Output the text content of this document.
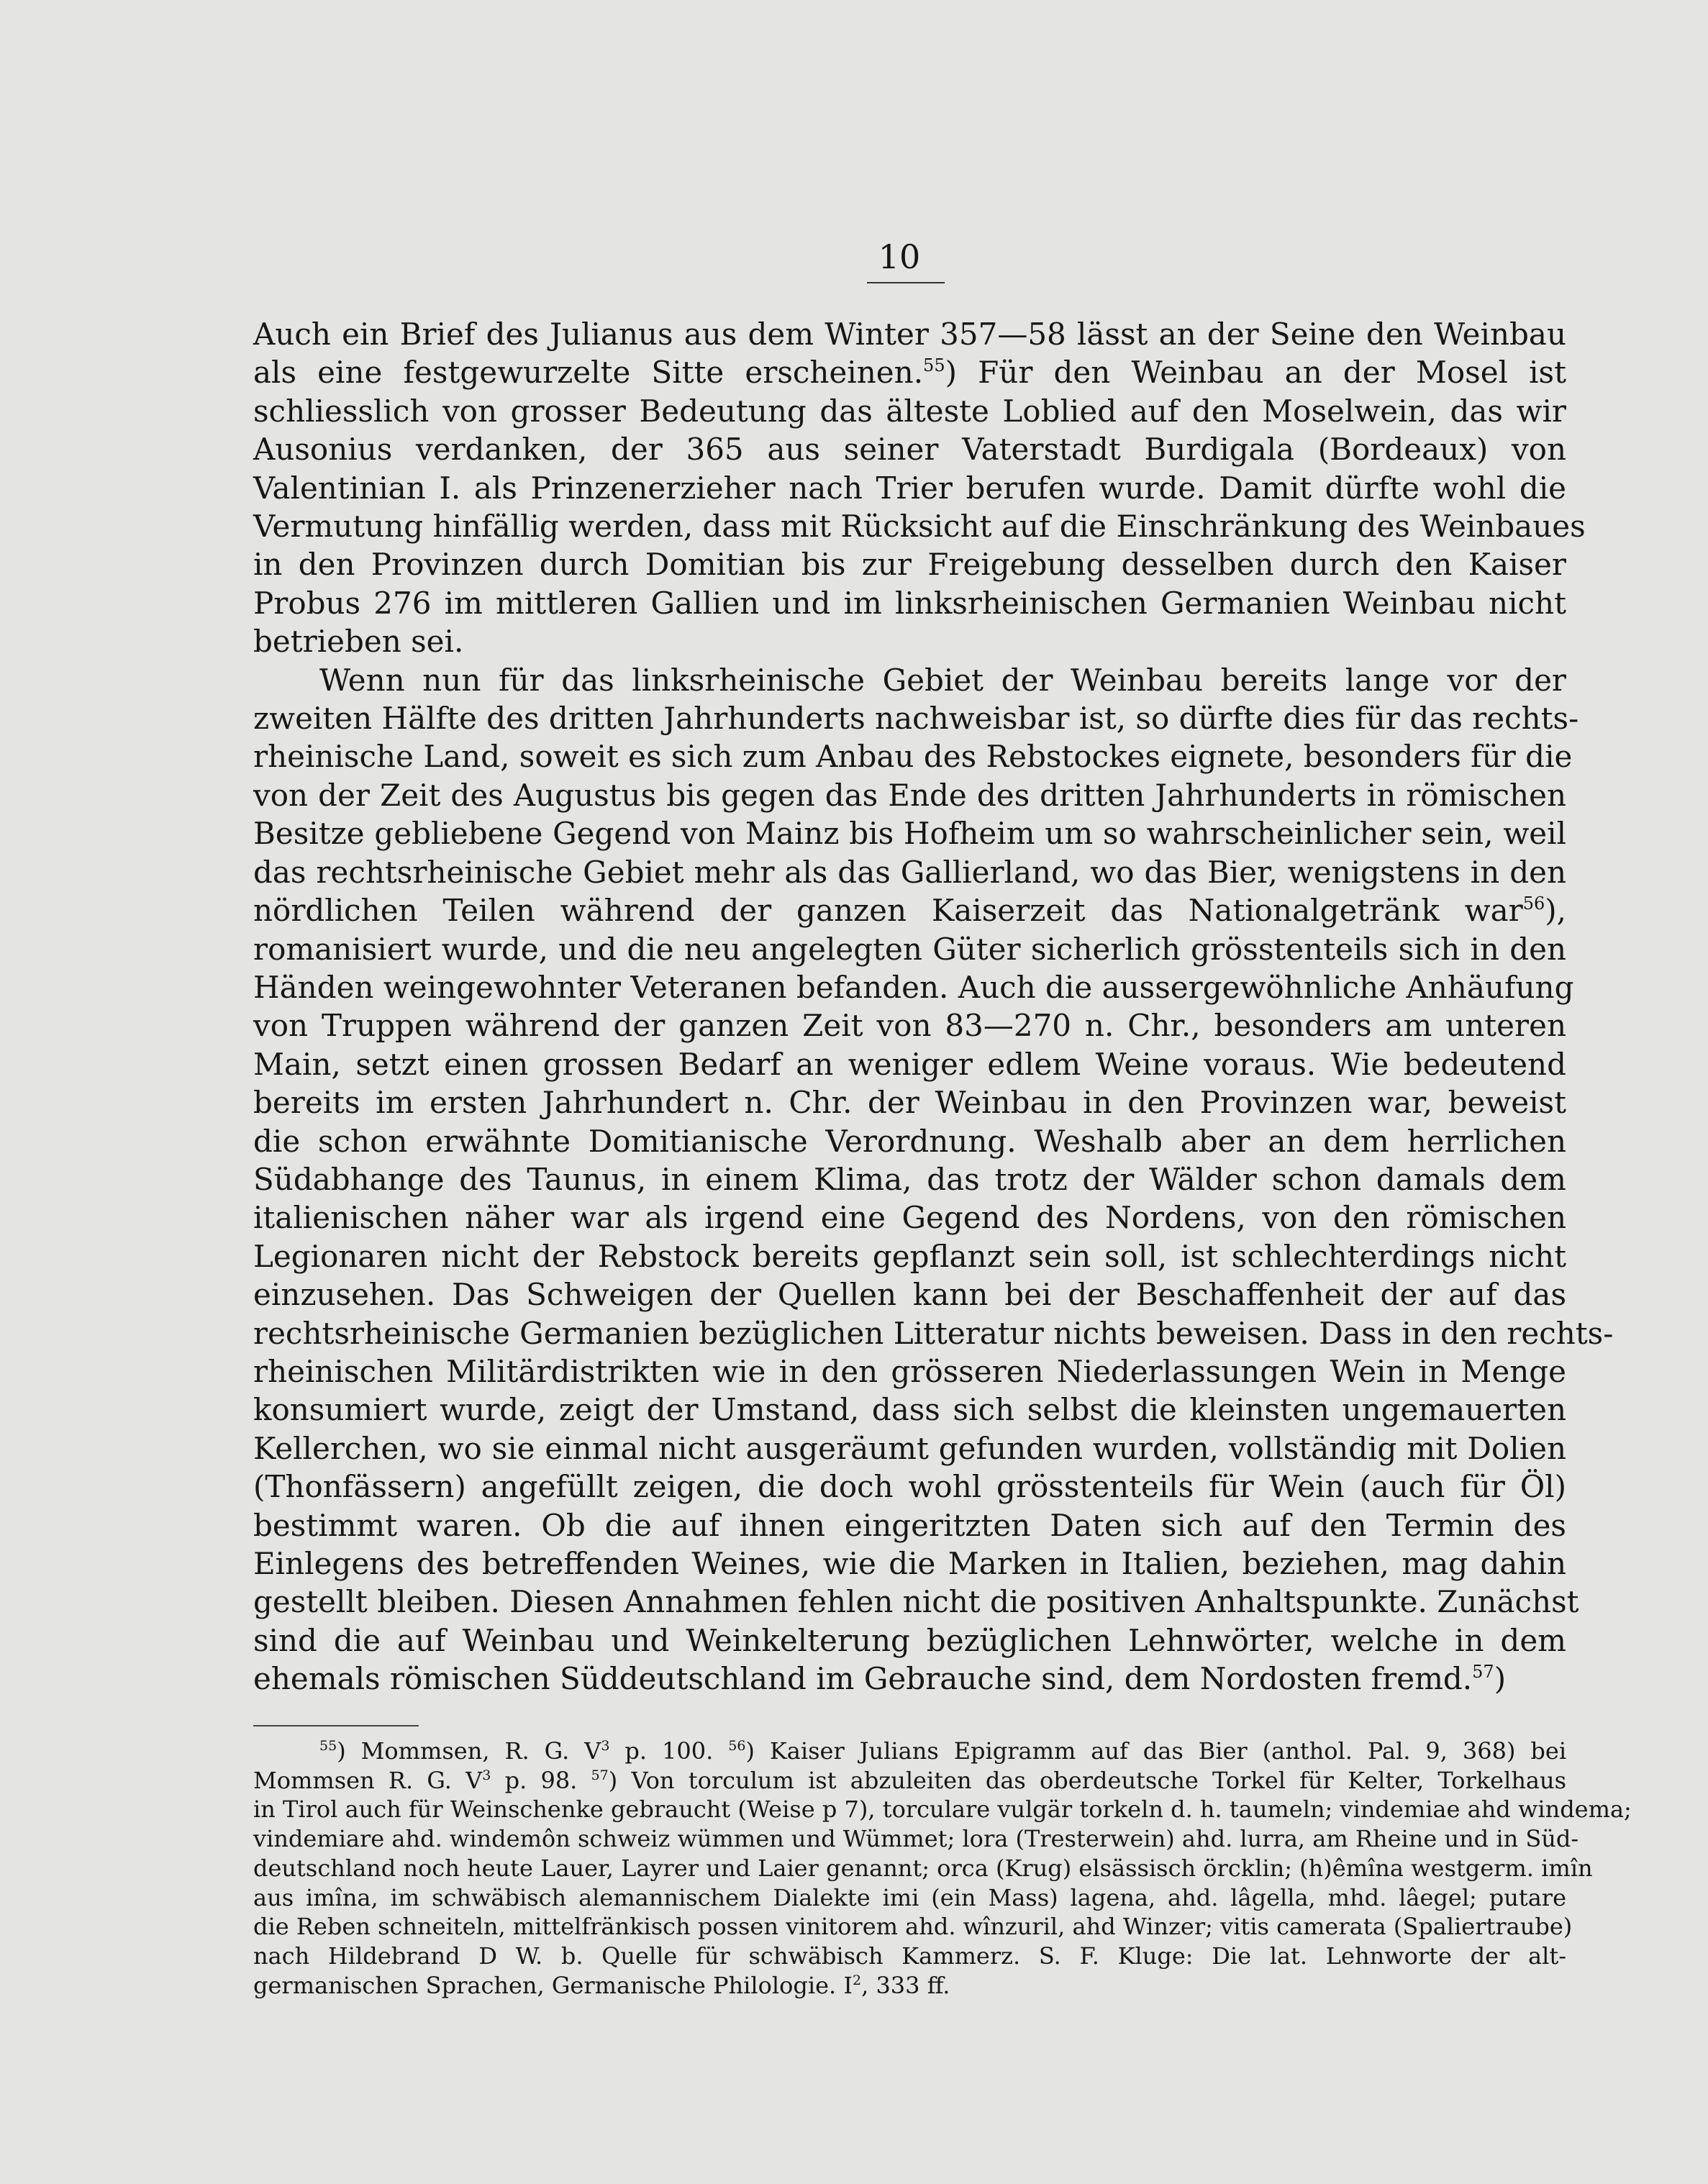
10

Auch ein Brief des Julianus aus dem Winter 357—58 lässt an der Seine den Weinbau
als eine festgewurzelte Sitte erscheinen.$^{55}$) Für den Weinbau an der Mosel ist
schliesslich von grosser Bedeutung das älteste Loblied auf den Moselwein, das wir
Ausonius verdanken, der 365 aus seiner Vaterstadt Burdigala (Bordeaux) von
Valentinian I. als Prinzenerzieher nach Trier berufen wurde. Damit dürfte wohl die
Vermutung hinfällig werden, dass mit Rücksicht auf die Einschränkung des Weinbaues
in den Provinzen durch Domitian bis zur Freigebung desselben durch den Kaiser
Probus 276 im mittleren Gallien und im linksrheinischen Germanien Weinbau nicht
betrieben sei.

Wenn nun für das linksrheinische Gebiet der Weinbau bereits lange vor der
zweiten Hälfte des dritten Jahrhunderts nachweisbar ist, so dürfte dies für das rechts-
rheinische Land, soweit es sich zum Anbau des Rebstockes eignete, besonders für die
von der Zeit des Augustus bis gegen das Ende des dritten Jahrhunderts in römischen
Besitze gebliebene Gegend von Mainz bis Hofheim um so wahrscheinlicher sein, weil
das rechtsrheinische Gebiet mehr als das Gallierland, wo das Bier, wenigstens in den
nördlichen Teilen während der ganzen Kaiserzeit das Nationalgetränk war$^{56}$),
romanisiert wurde, und die neu angelegten Güter sicherlich grösstenteils sich in den
Händen weingewohnter Veteranen befanden. Auch die aussergewöhnliche Anhäufung
von Truppen während der ganzen Zeit von 83—270 n. Chr., besonders am unteren
Main, setzt einen grossen Bedarf an weniger edlem Weine voraus. Wie bedeutend
bereits im ersten Jahrhundert n. Chr. der Weinbau in den Provinzen war, beweist
die schon erwähnte Domitianische Verordnung. Weshalb aber an dem herrlichen
Südabhange des Taunus, in einem Klima, das trotz der Wälder schon damals dem
italienischen näher war als irgend eine Gegend des Nordens, von den römischen
Legionaren nicht der Rebstock bereits gepflanzt sein soll, ist schlechterdings nicht
einzusehen. Das Schweigen der Quellen kann bei der Beschaffenheit der auf das
rechtsrheinische Germanien bezüglichen Litteratur nichts beweisen. Dass in den rechts-
rheinischen Militärdistrikten wie in den grösseren Niederlassungen Wein in Menge
konsumiert wurde, zeigt der Umstand, dass sich selbst die kleinsten ungemauerten
Kellerchen, wo sie einmal nicht ausgeräumt gefunden wurden, vollständig mit Dolien
(Thonfässern) angefüllt zeigen, die doch wohl grösstenteils für Wein (auch für Öl)
bestimmt waren. Ob die auf ihnen eingeritzten Daten sich auf den Termin des
Einlegens des betreffenden Weines, wie die Marken in Italien, beziehen, mag dahin
gestellt bleiben. Diesen Annahmen fehlen nicht die positiven Anhaltspunkte. Zunächst
sind die auf Weinbau und Weinkelterung bezüglichen Lehnwörter, welche in dem
ehemals römischen Süddeutschland im Gebrauche sind, dem Nordosten fremd.$^{57}$)

$^{55}$) Mommsen, R. G. $V^3$ p. 100. $^{56}$) Kaiser Julians Epigramm auf das Bier (anthol. Pal. 9, 368) bei
Mommsen R. G. $V^3$ p. 98. $^{57}$) Von torculum ist abzuleiten das oberdeutsche Torkel für Kelter, Torkelhaus
in Tirol auch für Weinschenke gebraucht (Weise p 7), torculare vulgär torkeln d. h. taumeln; vindemiae ahd windema;
vindemiare ahd. windemôn schweiz wümmen und Wümmet; lora (Tresterwein) ahd. lurra, am Rheine und in Süd-
deutschland noch heute Lauer, Layrer und Laier genannt; orca (Krug) elsässisch örcklin; (h)êmîna westgerm. imîn
aus imîna, im schwäbisch alemannischem Dialekte imi (ein Mass) lagena, ahd. lâgella, mhd. lâegel; putare
die Reben schneiteln, mittelfränkisch possen vinitorem ahd. wînzuril, ahd Winzer; vitis camerata (Spaliertraube)
nach Hildebrand D W. b. Quelle für schwäbisch Kammerz. S. F. Kluge: Die lat. Lehnworte der alt-
germanischen Sprachen, Germanische Philologie. $I^2$, 333 ff.
